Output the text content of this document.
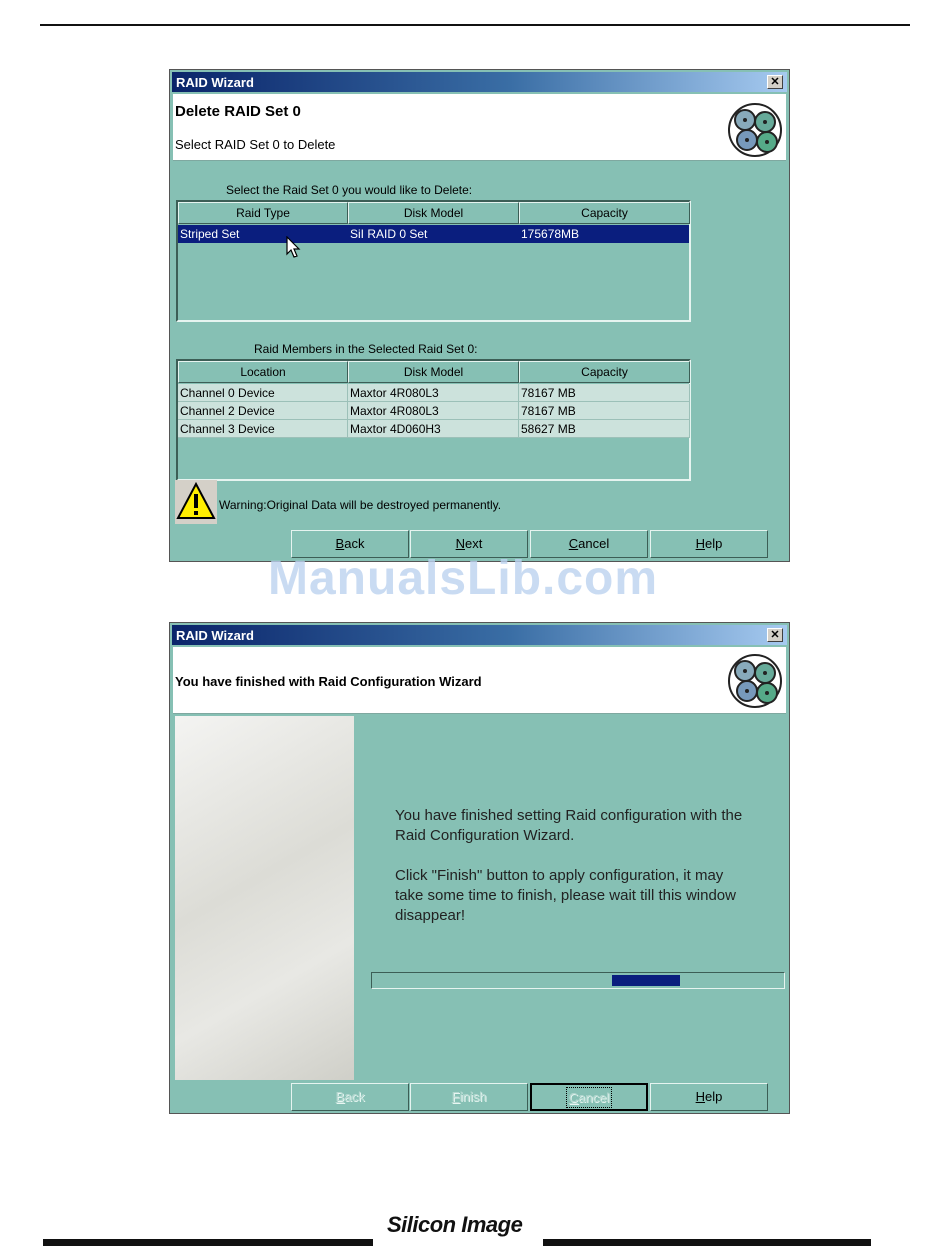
RAID Wizard	✕
Delete RAID Set 0
Select RAID Set 0 to Delete
Select the Raid Set 0 you would like to Delete:
Raid Type	Disk Model	Capacity
Striped Set	SiI RAID 0 Set	175678MB
Raid Members in the Selected Raid Set 0:
Location	Disk Model	Capacity
Channel 0 Device	Maxtor 4R080L3	78167 MB
Channel 2 Device	Maxtor 4R080L3	78167 MB
Channel 3 Device	Maxtor 4D060H3	58627 MB
Warning:Original Data will be destroyed permanently.
Back	Next	Cancel	Help
ManualsLib.com
RAID Wizard	✕
You have finished with Raid Configuration Wizard
You have finished setting Raid configuration with the
Raid Configuration Wizard.
Click "Finish" button to apply configuration, it may
take some time to finish, please wait till this window
disappear!
Back	Finish	Cancel	Help
Silicon Image
